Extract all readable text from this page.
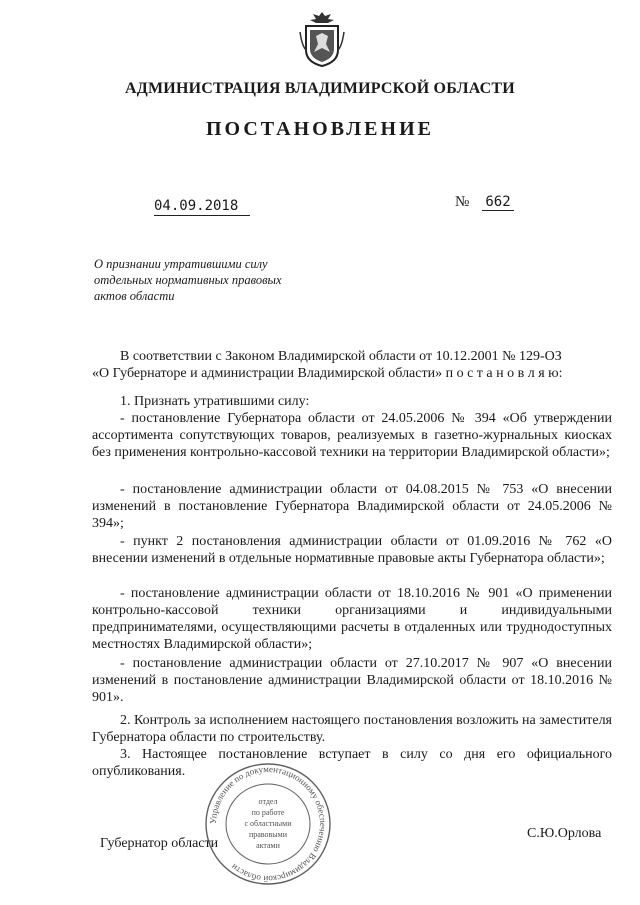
АДМИНИСТРАЦИЯ ВЛАДИМИРСКОЙ ОБЛАСТИ
ПОСТАНОВЛЕНИЕ
04.09.2018	№ 662
О признании утратившими силу
отдельных нормативных правовых
актов области
В соответствии с Законом Владимирской области от 10.12.2001 № 129-ОЗ
«О Губернаторе и администрации Владимирской области» п о с т а н о в л я ю:
1. Признать утратившими силу:
- постановление Губернатора области от 24.05.2006 № 394 «Об утверждении ассортимента сопутствующих товаров, реализуемых в газетно-журнальных киосках без применения контрольно-кассовой техники на территории Владимирской области»;
- постановление администрации области от 04.08.2015 № 753 «О внесении изменений в постановление Губернатора Владимирской области от 24.05.2006 № 394»;
- пункт 2 постановления администрации области от 01.09.2016 № 762 «О внесении изменений в отдельные нормативные правовые акты Губернатора области»;
- постановление администрации области от 18.10.2016 № 901 «О применении контрольно-кассовой техники организациями и индивидуальными предпринимателями, осуществляющими расчеты в отдаленных или труднодоступных местностях Владимирской области»;
- постановление администрации области от 27.10.2017 № 907 «О внесении изменений в постановление администрации Владимирской области от 18.10.2016 № 901».
2. Контроль за исполнением настоящего постановления возложить на заместителя Губернатора области по строительству.
3. Настоящее постановление вступает в силу со дня его официального опубликования.
Губернатор области
С.Ю.Орлова
Управление по документационному обеспечению Владимирской области
отдел
по работе
с областными
правовыми
актами
